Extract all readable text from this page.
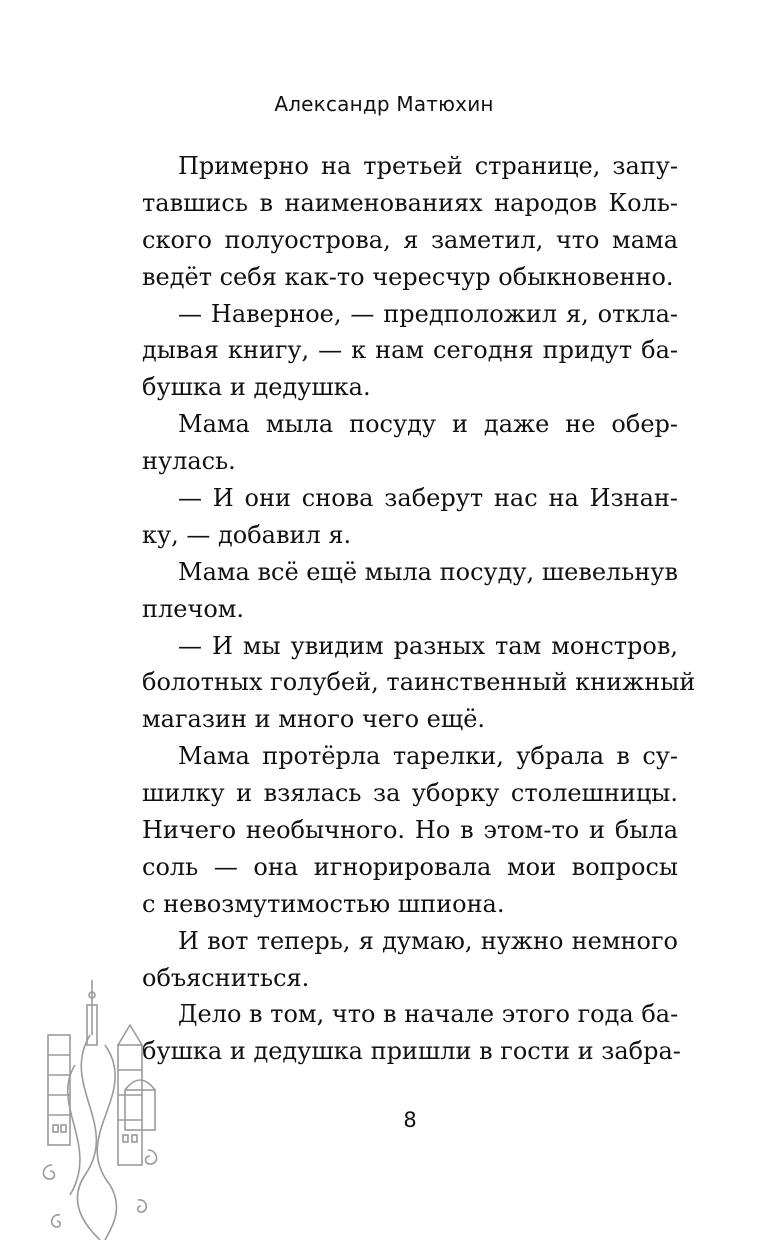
Александр Матюхин
Примерно на третьей странице, запу-
тавшись в наименованиях народов Коль-
ского полуострова, я заметил, что мама
ведёт себя как-то чересчур обыкновенно.
— Наверное, — предположил я, откла-
дывая книгу, — к нам сегодня придут ба-
бушка и дедушка.
Мама мыла посуду и даже не обер-
нулась.
— И они снова заберут нас на Изнан-
ку, — добавил я.
Мама всё ещё мыла посуду, шевельнув
плечом.
— И мы увидим разных там монстров,
болотных голубей, таинственный книжный
магазин и много чего ещё.
Мама протёрла тарелки, убрала в су-
шилку и взялась за уборку столешницы.
Ничего необычного. Но в этом-то и была
соль — она игнорировала мои вопросы
с невозмутимостью шпиона.
И вот теперь, я думаю, нужно немного
объясниться.
Дело в том, что в начале этого года ба-
бушка и дедушка пришли в гости и забра-
8
